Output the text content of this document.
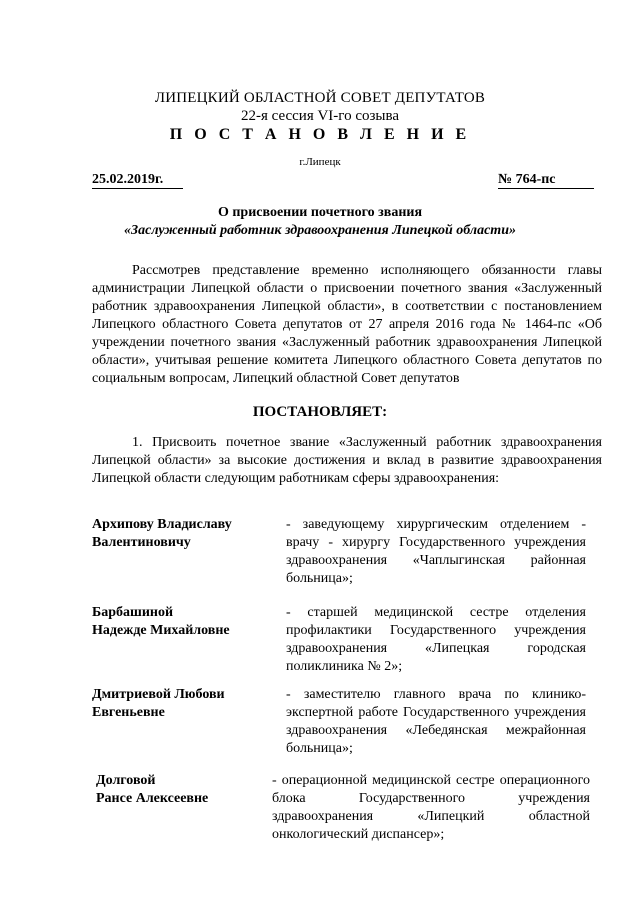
ЛИПЕЦКИЙ ОБЛАСТНОЙ СОВЕТ ДЕПУТАТОВ
22-я сессия VI-го созыва
П О С Т А Н О В Л Е Н И Е
г.Липецк
25.02.2019г.	№ 764-пс
О присвоении почетного звания
«Заслуженный работник здравоохранения Липецкой области»
Рассмотрев представление временно исполняющего обязанности главы администрации Липецкой области о присвоении почетного звания «Заслуженный работник здравоохранения Липецкой области», в соответствии с постановлением Липецкого областного Совета депутатов от 27 апреля 2016 года № 1464-пс «Об учреждении почетного звания «Заслуженный работник здравоохранения Липецкой области», учитывая решение комитета Липецкого областного Совета депутатов по социальным вопросам, Липецкий областной Совет депутатов
ПОСТАНОВЛЯЕТ:
1. Присвоить почетное звание «Заслуженный работник здравоохранения Липецкой области» за высокие достижения и вклад в развитие здравоохранения Липецкой области следующим работникам сферы здравоохранения:
Архипову Владиславу
Валентиновичу
- заведующему хирургическим отделением - врачу - хирургу Государственного учреждения здравоохранения «Чаплыгинская районная больница»;
Барбашиной
Надежде Михайловне
- старшей медицинской сестре отделения профилактики Государственного учреждения здравоохранения «Липецкая городская поликлиника № 2»;
Дмитриевой Любови
Евгеньевне
- заместителю главного врача по клинико-экспертной работе Государственного учреждения здравоохранения «Лебедянская межрайонная больница»;
Долговой
Рансе Алексеевне
- операционной медицинской сестре операционного блока Государственного учреждения здравоохранения «Липецкий областной онкологический диспансер»;
